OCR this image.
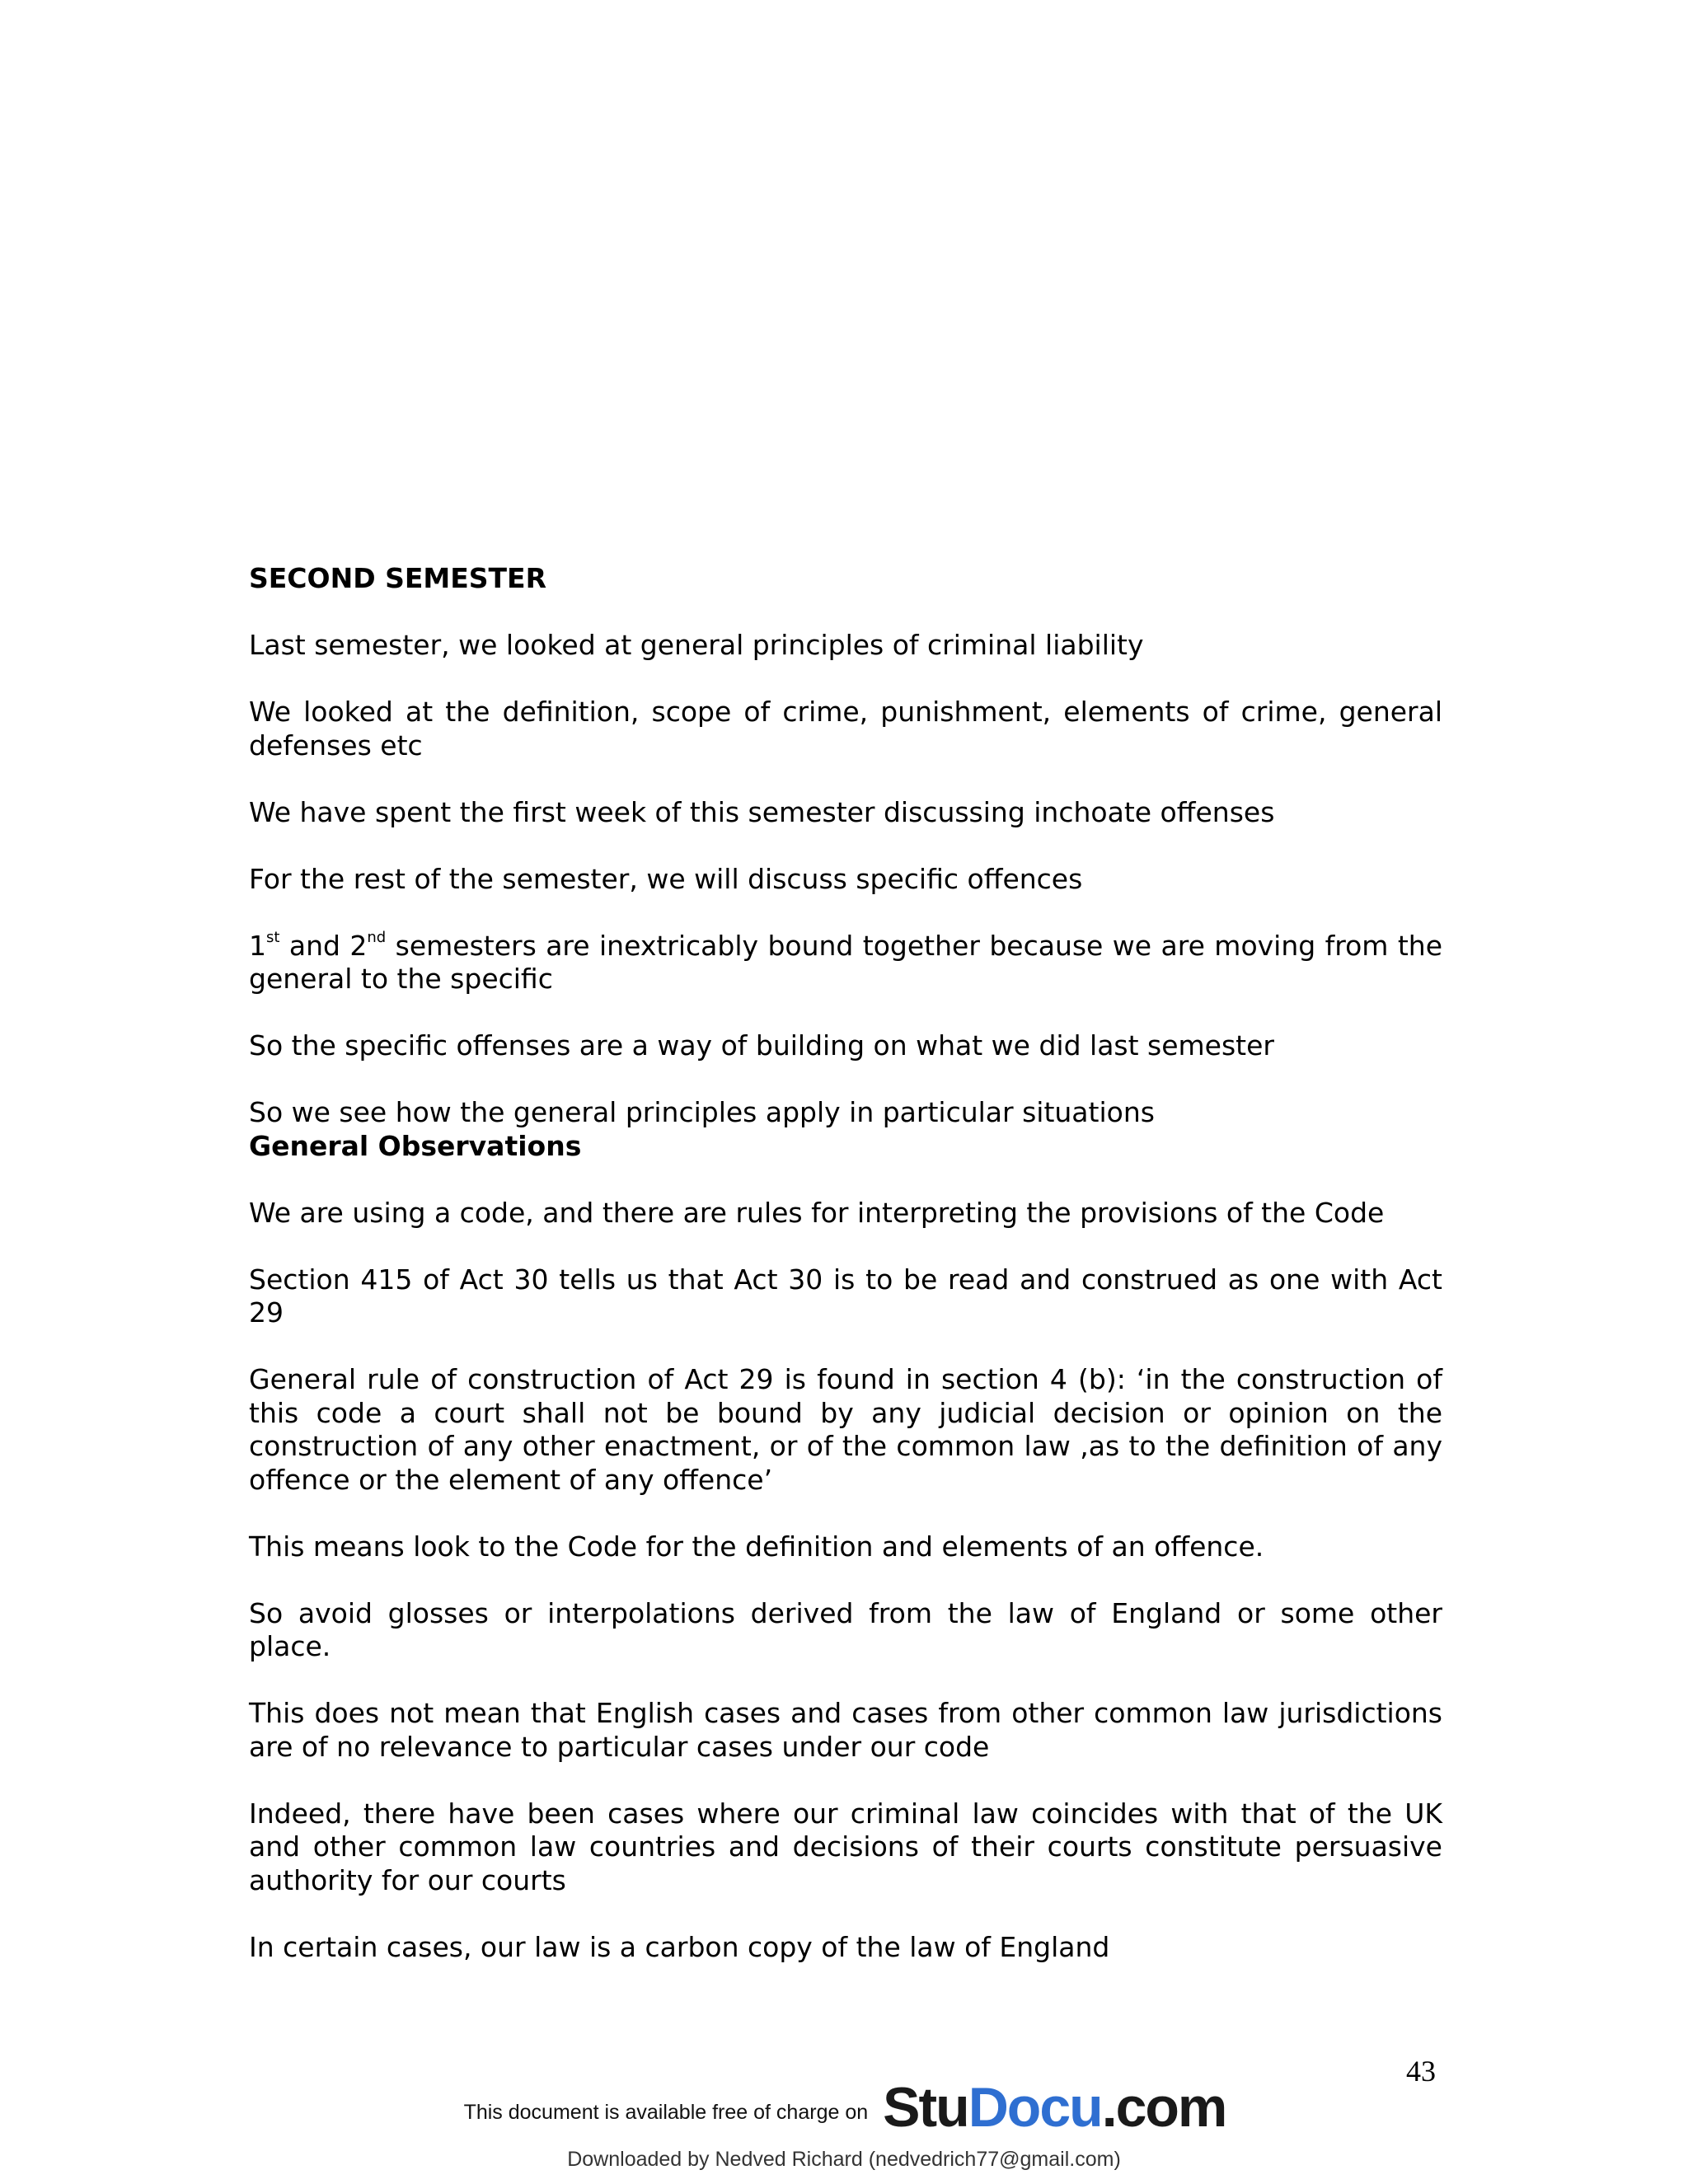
SECOND SEMESTER

Last semester, we looked at general principles of criminal liability

We looked at the definition, scope of crime, punishment, elements of crime, general defenses etc

We have spent the first week of this semester discussing inchoate offenses

For the rest of the semester, we will discuss specific offences

1st and 2nd semesters are inextricably bound together because we are moving from the general to the specific

So the specific offenses are a way of building on what we did last semester

So we see how the general principles apply in particular situations

General Observations

We are using a code, and there are rules for interpreting the provisions of the Code

Section 415 of Act 30 tells us that Act 30 is to be read and construed as one with Act 29

General rule of construction of Act 29 is found in section 4 (b): ‘in the construction of this code a court shall not be bound by any judicial decision or opinion on the construction of any other enactment, or of the common law ,as to the definition of any offence or the element of any offence’

This means look to the Code for the definition and elements of an offence.

So avoid glosses or interpolations derived from the law of England or some other place.

This does not mean that English cases and cases from other common law jurisdictions are of no relevance to particular cases under our code

Indeed, there have been cases where our criminal law coincides with that of the UK and other common law countries and decisions of their courts constitute persuasive authority for our courts

In certain cases, our law is a carbon copy of the law of England

43
This document is available free of charge on Stu Docu .com
Downloaded by Nedved Richard (nedvedrich77@gmail.com)
